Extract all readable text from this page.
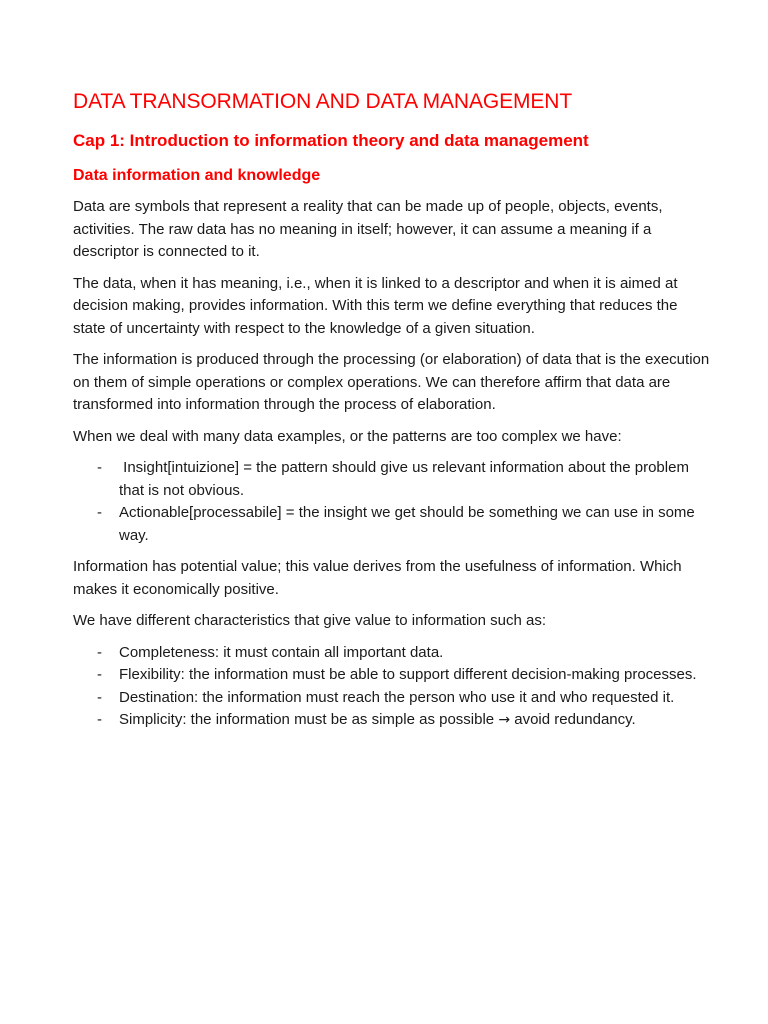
DATA TRANSORMATION AND DATA MANAGEMENT
Cap 1: Introduction to information theory and data management
Data information and knowledge

Data are symbols that represent a reality that can be made up of people, objects, events, activities. The raw data has no meaning in itself; however, it can assume a meaning if a descriptor is connected to it.

The data, when it has meaning, i.e., when it is linked to a descriptor and when it is aimed at decision making, provides information. With this term we define everything that reduces the state of uncertainty with respect to the knowledge of a given situation.

The information is produced through the processing (or elaboration) of data that is the execution on them of simple operations or complex operations. We can therefore affirm that data are transformed into information through the process of elaboration.

When we deal with many data examples, or the patterns are too complex we have:

- Insight[intuizione] = the pattern should give us relevant information about the problem that is not obvious.
- Actionable[processabile] = the insight we get should be something we can use in some way.

Information has potential value; this value derives from the usefulness of information. Which makes it economically positive.

We have different characteristics that give value to information such as:

- Completeness: it must contain all important data.
- Flexibility: the information must be able to support different decision-making processes.
- Destination: the information must reach the person who use it and who requested it.
- Simplicity: the information must be as simple as possible → avoid redundancy.
